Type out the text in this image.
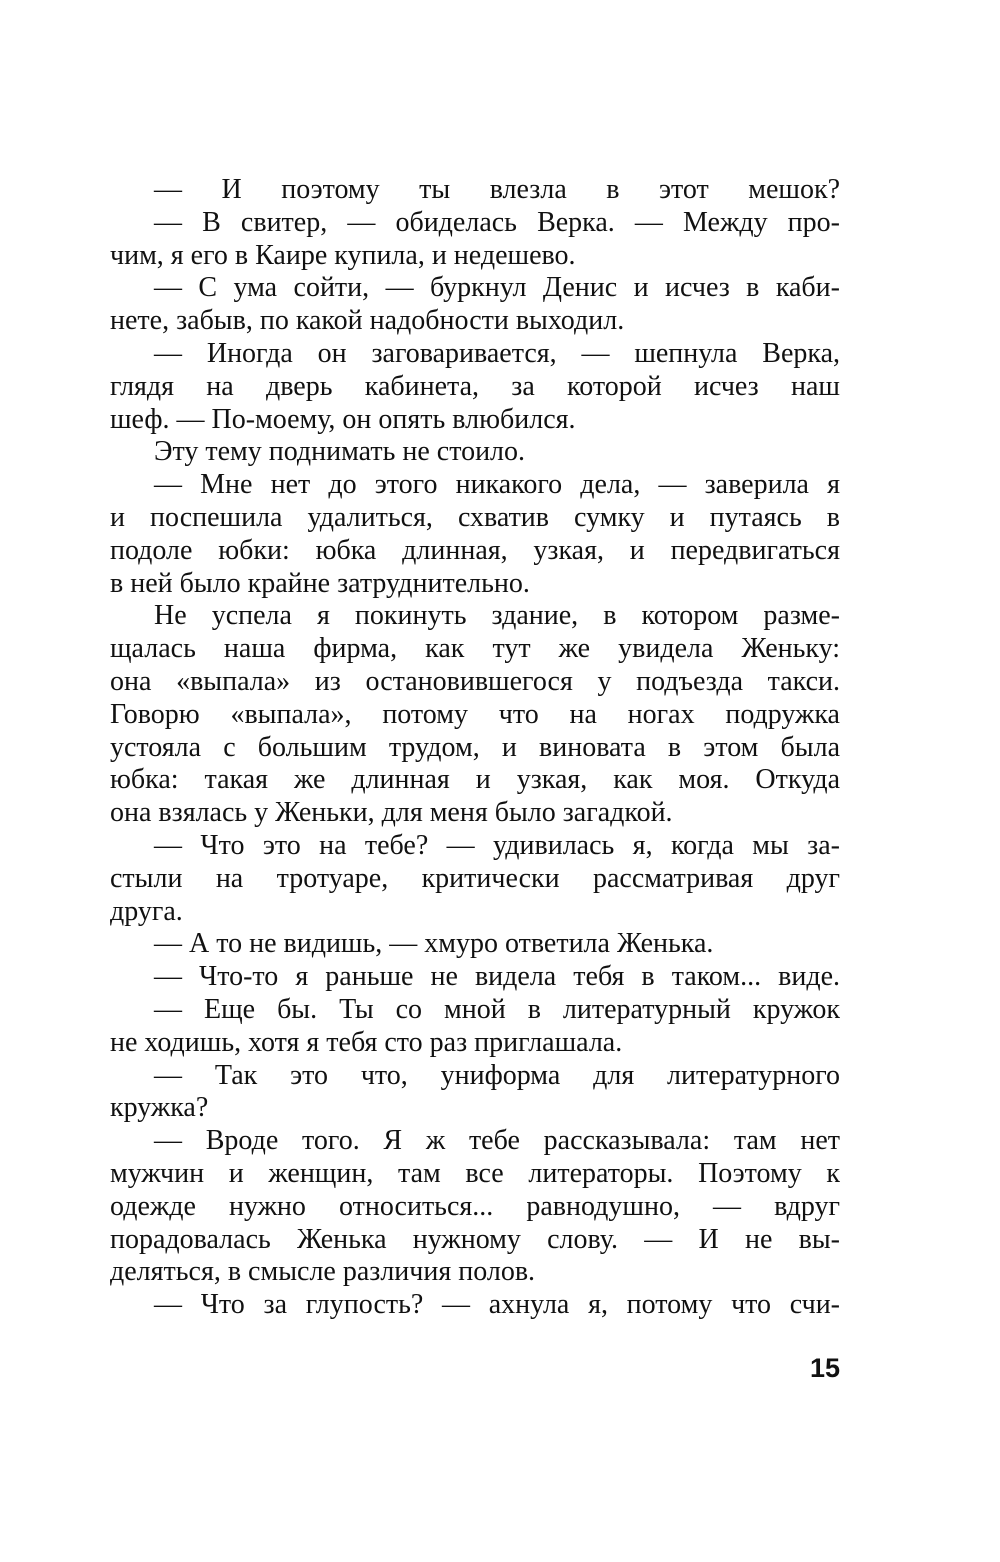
— И поэтому ты влезла в этот мешок?
— В свитер, — обиделась Верка. — Между про-
чим, я его в Каире купила, и недешево.
— С ума сойти, — буркнул Денис и исчез в каби-
нете, забыв, по какой надобности выходил.
— Иногда он заговаривается, — шепнула Верка,
глядя на дверь кабинета, за которой исчез наш
шеф. — По-моему, он опять влюбился.
Эту тему поднимать не стоило.
— Мне нет до этого никакого дела, — заверила я
и поспешила удалиться, схватив сумку и путаясь в
подоле юбки: юбка длинная, узкая, и передвигаться
в ней было крайне затруднительно.
Не успела я покинуть здание, в котором разме-
щалась наша фирма, как тут же увидела Женьку:
она «выпала» из остановившегося у подъезда такси.
Говорю «выпала», потому что на ногах подружка
устояла с большим трудом, и виновата в этом была
юбка: такая же длинная и узкая, как моя. Откуда
она взялась у Женьки, для меня было загадкой.
— Что это на тебе? — удивилась я, когда мы за-
стыли на тротуаре, критически рассматривая друг
друга.
— А то не видишь, — хмуро ответила Женька.
— Что-то я раньше не видела тебя в таком... виде.
— Еще бы. Ты со мной в литературный кружок
не ходишь, хотя я тебя сто раз приглашала.
— Так это что, униформа для литературного
кружка?
— Вроде того. Я ж тебе рассказывала: там нет
мужчин и женщин, там все литераторы. Поэтому к
одежде нужно относиться... равнодушно, — вдруг
порадовалась Женька нужному слову. — И не вы-
деляться, в смысле различия полов.
— Что за глупость? — ахнула я, потому что счи-
15
